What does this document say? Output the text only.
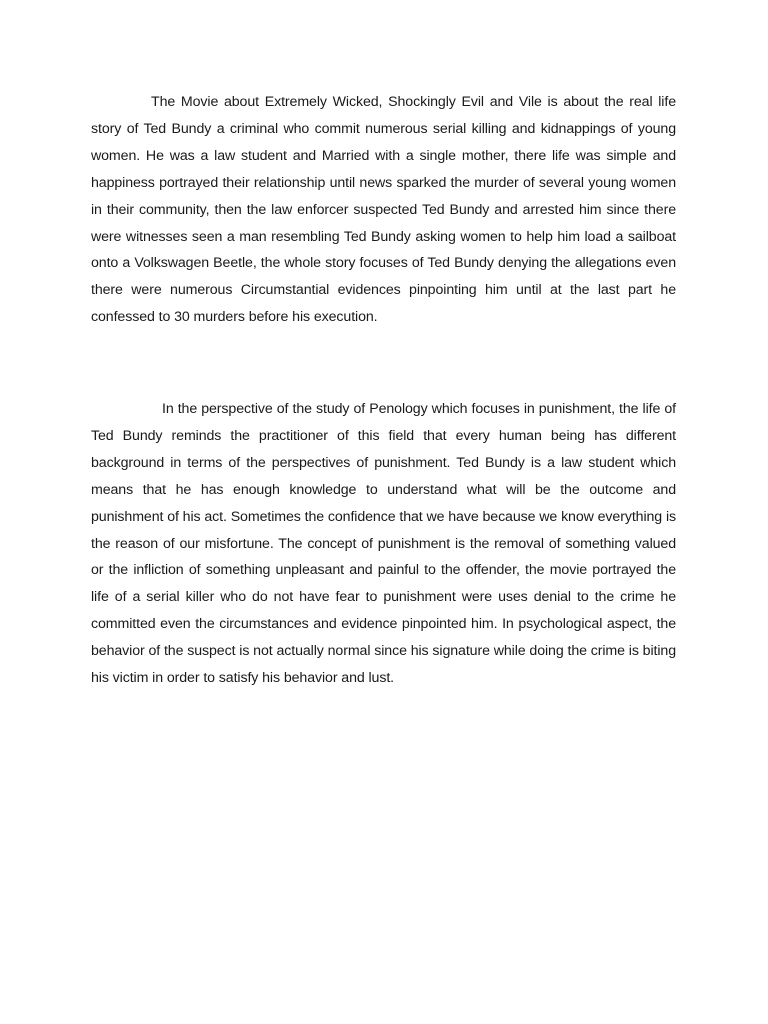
The Movie about Extremely Wicked, Shockingly Evil and Vile is about the real life story of Ted Bundy a criminal who commit numerous serial killing and kidnappings of young women. He was a law student and Married with a single mother, there life was simple and happiness portrayed their relationship until news sparked the murder of several young women in their community, then the law enforcer suspected Ted Bundy and arrested him since there were witnesses seen a man resembling Ted Bundy asking women to help him load a sailboat onto a Volkswagen Beetle, the whole story focuses of Ted Bundy denying the allegations even there were numerous Circumstantial evidences pinpointing him until at the last part he confessed to 30 murders before his execution.

In the perspective of the study of Penology which focuses in punishment, the life of Ted Bundy reminds the practitioner of this field that every human being has different background in terms of the perspectives of punishment. Ted Bundy is a law student which means that he has enough knowledge to understand what will be the outcome and punishment of his act. Sometimes the confidence that we have because we know everything is the reason of our misfortune. The concept of punishment is the removal of something valued or the infliction of something unpleasant and painful to the offender, the movie portrayed the life of a serial killer who do not have fear to punishment were uses denial to the crime he committed even the circumstances and evidence pinpointed him. In psychological aspect, the behavior of the suspect is not actually normal since his signature while doing the crime is biting his victim in order to satisfy his behavior and lust.
